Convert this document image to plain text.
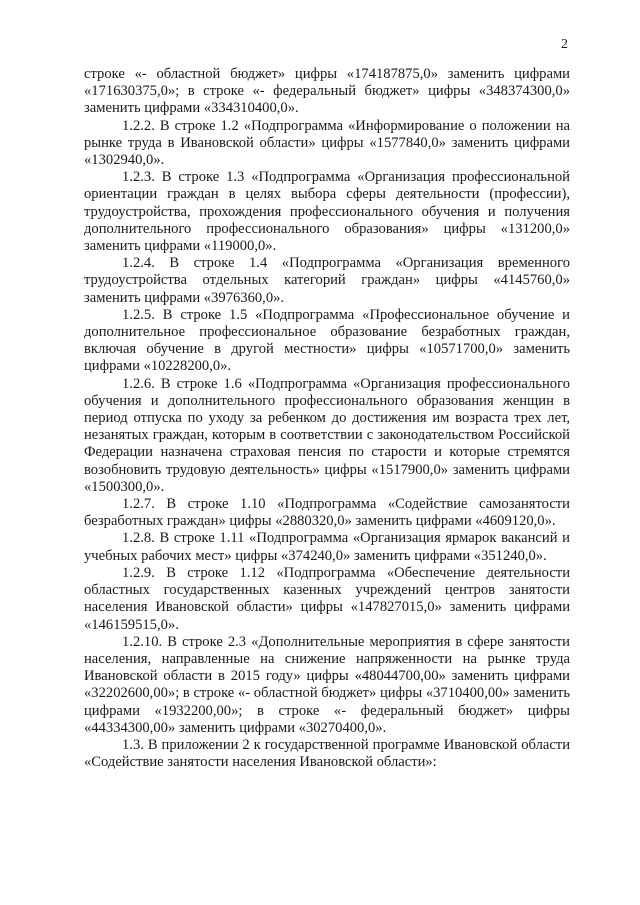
2

строке «- областной бюджет» цифры «174187875,0» заменить цифрами «171630375,0»; в строке «- федеральный бюджет» цифры «348374300,0» заменить цифрами «334310400,0».

1.2.2. В строке 1.2 «Подпрограмма «Информирование о положении на рынке труда в Ивановской области» цифры «1577840,0» заменить цифрами «1302940,0».

1.2.3. В строке 1.3 «Подпрограмма «Организация профессиональной ориентации граждан в целях выбора сферы деятельности (профессии), трудоустройства, прохождения профессионального обучения и получения дополнительного профессионального образования» цифры «131200,0» заменить цифрами «119000,0».

1.2.4. В строке 1.4 «Подпрограмма «Организация временного трудоустройства отдельных категорий граждан» цифры «4145760,0» заменить цифрами «3976360,0».

1.2.5. В строке 1.5 «Подпрограмма «Профессиональное обучение и дополнительное профессиональное образование безработных граждан, включая обучение в другой местности» цифры «10571700,0» заменить цифрами «10228200,0».

1.2.6. В строке 1.6 «Подпрограмма «Организация профессионального обучения и дополнительного профессионального образования женщин в период отпуска по уходу за ребенком до достижения им возраста трех лет, незанятых граждан, которым в соответствии с законодательством Российской Федерации назначена страховая пенсия по старости и которые стремятся возобновить трудовую деятельность» цифры «1517900,0» заменить цифрами «1500300,0».

1.2.7. В строке 1.10 «Подпрограмма «Содействие самозанятости безработных граждан» цифры «2880320,0» заменить цифрами «4609120,0».

1.2.8. В строке 1.11 «Подпрограмма «Организация ярмарок вакансий и учебных рабочих мест» цифры «374240,0» заменить цифрами «351240,0».

1.2.9. В строке 1.12 «Подпрограмма «Обеспечение деятельности областных государственных казенных учреждений центров занятости населения Ивановской области» цифры «147827015,0» заменить цифрами «146159515,0».

1.2.10. В строке 2.3 «Дополнительные мероприятия в сфере занятости населения, направленные на снижение напряженности на рынке труда Ивановской области в 2015 году» цифры «48044700,00» заменить цифрами «32202600,00»; в строке «- областной бюджет» цифры «3710400,00» заменить цифрами «1932200,00»; в строке «- федеральный бюджет» цифры «44334300,00» заменить цифрами «30270400,0».

1.3. В приложении 2 к государственной программе Ивановской области «Содействие занятости населения Ивановской области»:
